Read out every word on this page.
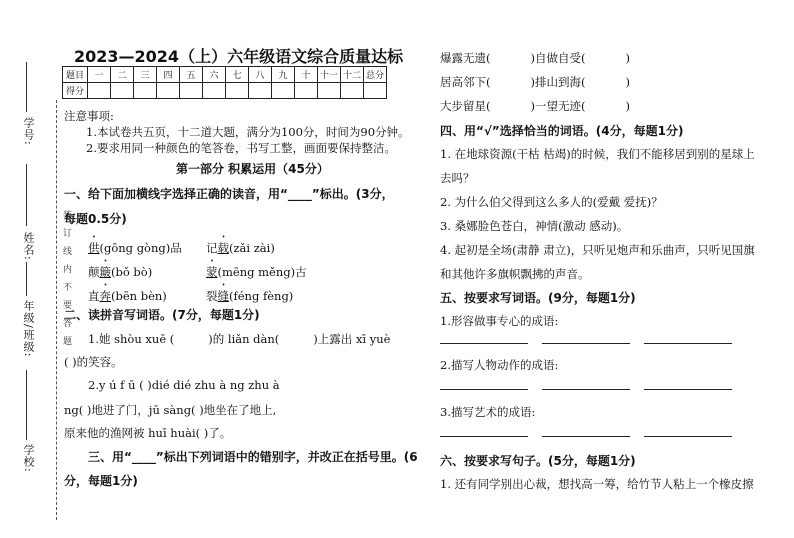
学号:
姓名:
年级/班级:
学校:
装订线内不要答题
2023—2024（上）六年级语文综合质量达标
题目	一	二	三	四	五	六	七	八	九	十	十一	十二	总分
得分													
注意事项:
1.本试卷共五页，十二道大题，满分为100分，时间为90分钟。
2.要求用同一种颜色的笔答卷，书写工整，画面要保持整洁。
第一部分 积累运用（45分）
一、给下面加横线字选择正确的读音，用“____”标出。(3分，
每题0.5分)
供(gōng gòng)品 记载(zǎi zài)
颠簸(bǒ bò)	蒙(mēng měng)古
直奔(bēn bèn)	裂缝(féng fèng)
二、读拼音写词语。(7分，每题1分)
1.她 shòu xuē (	)的 liǎn dàn(	)上露出 xī yuè
( )的笑容。
2.y ú f ū ( )dié dié zhu à ng zhu à
ng( )地进了门，jū sàng( )地坐在了地上,
原来他的渔网被 huī huài( )了。
三、用“____”标出下列词语中的错别字，并改正在括号里。(6
分，每题1分)
爆露无遗(	)自做自受(	)
居高邻下(	)排山到海(	)
大步留星(	)一望无迹(	)
四、用“√”选择恰当的词语。(4分，每题1分)
1. 在地球资源(干枯 枯竭)的时候，我们不能移居到别的星球上
去吗？
2. 为什么伯父得到这么多人的(爱戴 爱抚)？
3. 桑娜脸色苍白，神情(激动 感动)。
4. 起初是全场(肃静 肃立)，只听见炮声和乐曲声，只听见国旗
和其他许多旗帜飘拂的声音。
五、按要求写词语。(9分，每题1分)
1.形容做事专心的成语:
2.描写人物动作的成语:
3.描写艺术的成语:
六、按要求写句子。(5分，每题1分)
1. 还有同学别出心裁，想找高一筹，给竹节人粘上一个橡皮擦
